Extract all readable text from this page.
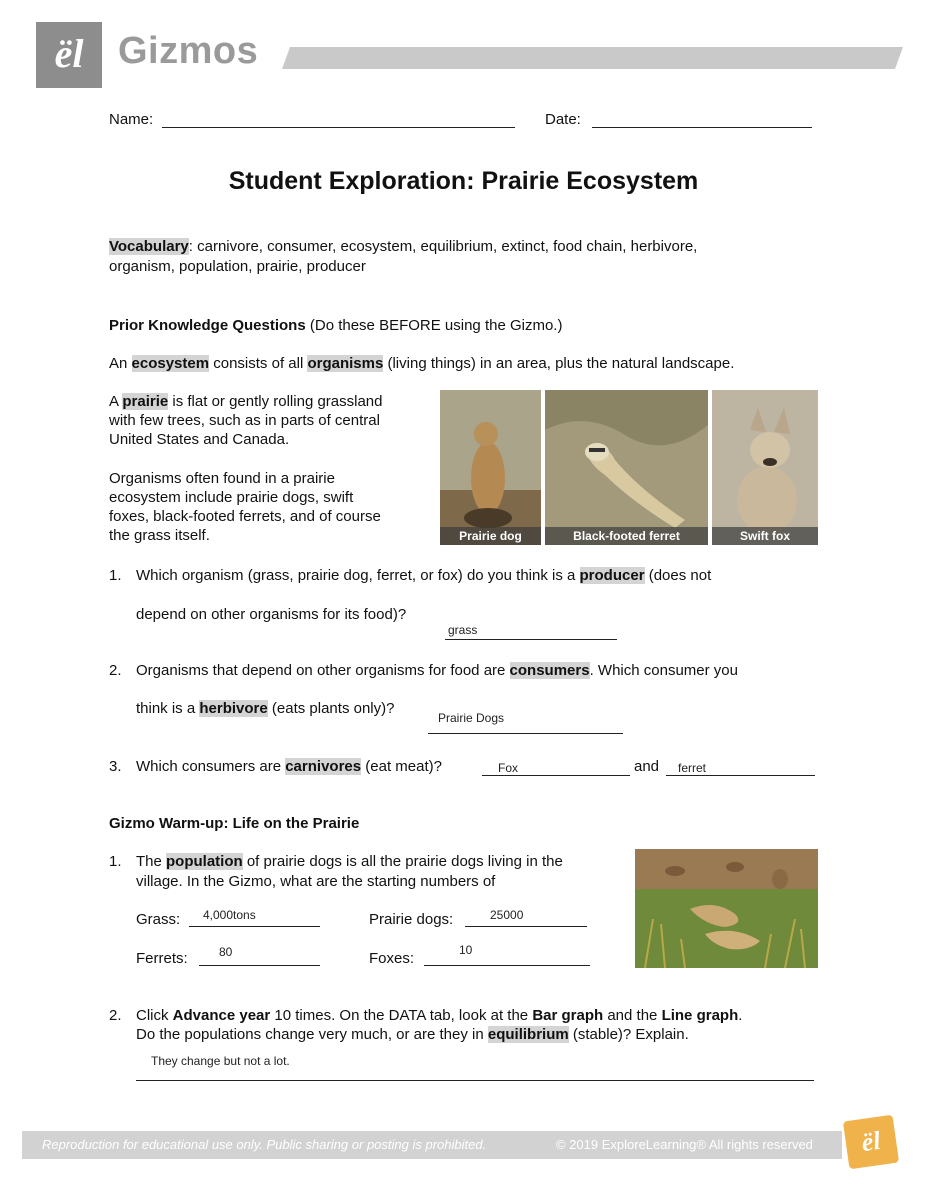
ël Gizmos
Name:	Date:
Student Exploration: Prairie Ecosystem
Vocabulary: carnivore, consumer, ecosystem, equilibrium, extinct, food chain, herbivore,
organism, population, prairie, producer
Prior Knowledge Questions (Do these BEFORE using the Gizmo.)
An ecosystem consists of all organisms (living things) in an area, plus the natural landscape.
A prairie is flat or gently rolling grassland
with few trees, such as in parts of central
United States and Canada.
Organisms often found in a prairie
ecosystem include prairie dogs, swift
foxes, black-footed ferrets, and of course
the grass itself.	Prairie dog	Black-footed ferret	Swift fox
1. Which organism (grass, prairie dog, ferret, or fox) do you think is a producer (does not
depend on other organisms for its food)?
grass
2. Organisms that depend on other organisms for food are consumers. Which consumer you
think is a herbivore (eats plants only)?
Prairie Dogs
3. Which consumers are carnivores (eat meat)?	Fox	and ferret
Gizmo Warm-up: Life on the Prairie
1. The population of prairie dogs is all the prairie dogs living in the
village. In the Gizmo, what are the starting numbers of
Grass: 4,000tons	Prairie dogs:	25000
Ferrets:	80	Foxes:	10
2. Click Advance year 10 times. On the DATA tab, look at the Bar graph and the Line graph.
Do the populations change very much, or are they in equilibrium (stable)? Explain.
They change but not a lot.
Reproduction for educational use only. Public sharing or posting is prohibited.	© 2019 ExploreLearning® All rights reserved	ël
